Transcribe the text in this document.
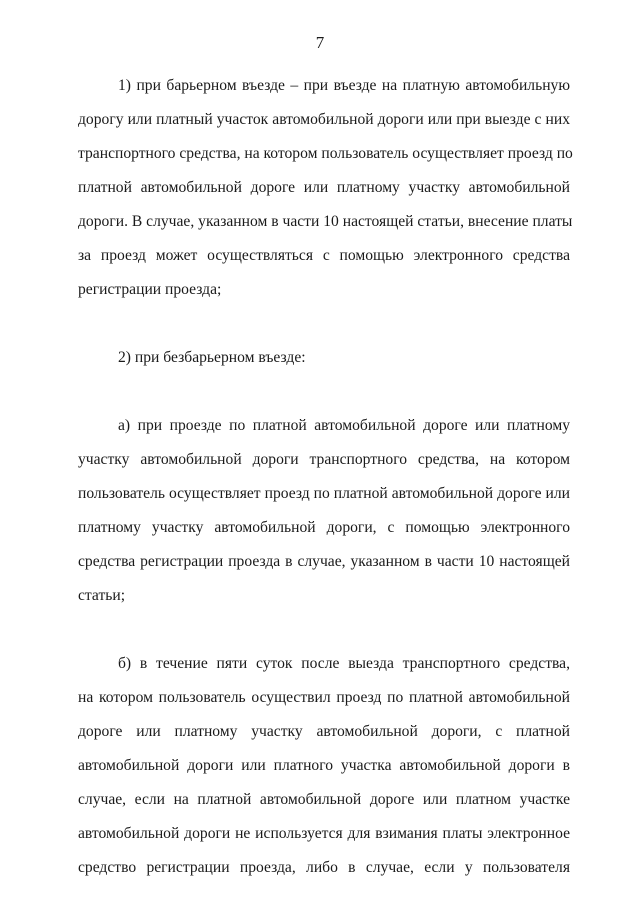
7
1) при барьерном въезде – при въезде на платную автомобильную
дорогу или платный участок автомобильной дороги или при выезде с них
транспортного средства, на котором пользователь осуществляет проезд по
платной автомобильной дороге или платному участку автомобильной
дороги. В случае, указанном в части 10 настоящей статьи, внесение платы
за проезд может осуществляться с помощью электронного средства
регистрации проезда;
2) при безбарьерном въезде:
а) при проезде по платной автомобильной дороге или платному
участку автомобильной дороги транспортного средства, на котором
пользователь осуществляет проезд по платной автомобильной дороге или
платному участку автомобильной дороги, с помощью электронного
средства регистрации проезда в случае, указанном в части 10 настоящей
статьи;
б) в течение пяти суток после выезда транспортного средства,
на котором пользователь осуществил проезд по платной автомобильной
дороге или платному участку автомобильной дороги, с платной
автомобильной дороги или платного участка автомобильной дороги в
случае, если на платной автомобильной дороге или платном участке
автомобильной дороги не используется для взимания платы электронное
средство регистрации проезда, либо в случае, если у пользователя
